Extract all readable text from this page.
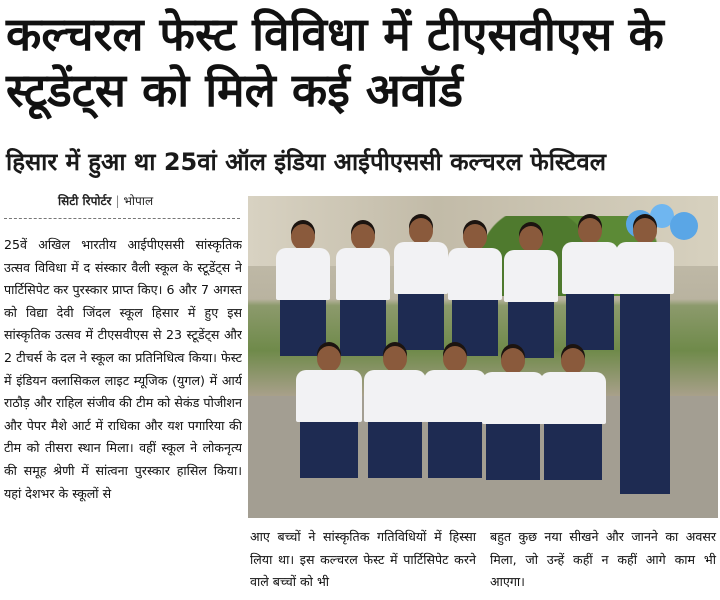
कल्चरल फेस्ट विविधा में टीएसवीएस के स्टूडेंट्स को मिले कई अवॉर्ड
हिसार में हुआ था 25वां ऑल इंडिया आईपीएससी कल्चरल फेस्टिवल
सिटी रिपोर्टर | भोपाल
25वें अखिल भारतीय आईपीएससी सांस्कृतिक उत्सव विविधा में द संस्कार वैली स्कूल के स्टूडेंट्स ने पार्टिसिपेट कर पुरस्कार प्राप्त किए। 6 और 7 अगस्त को विद्या देवी जिंदल स्कूल हिसार में हुए इस सांस्कृतिक उत्सव में टीएसवीएस से 23 स्टूडेंट्स और 2 टीचर्स के दल ने स्कूल का प्रतिनिधित्व किया। फेस्ट में इंडियन क्लासिकल लाइट म्यूजिक (युगल) में आर्य राठौड़ और राहिल संजीव की टीम को सेकंड पोजीशन और पेपर मैशे आर्ट में राधिका और यश पगारिया की टीम को तीसरा स्थान मिला। वहीं स्कूल ने लोकनृत्य की समूह श्रेणी में सांत्वना पुरस्कार हासिल किया। यहां देशभर के स्कूलों से
आए बच्चों ने सांस्कृतिक गतिविधियों में हिस्सा लिया था। इस कल्चरल फेस्ट में पार्टिसिपेट करने वाले बच्चों को भी
बहुत कुछ नया सीखने और जानने का अवसर मिला, जो उन्हें कहीं न कहीं आगे काम भी आएगा।
